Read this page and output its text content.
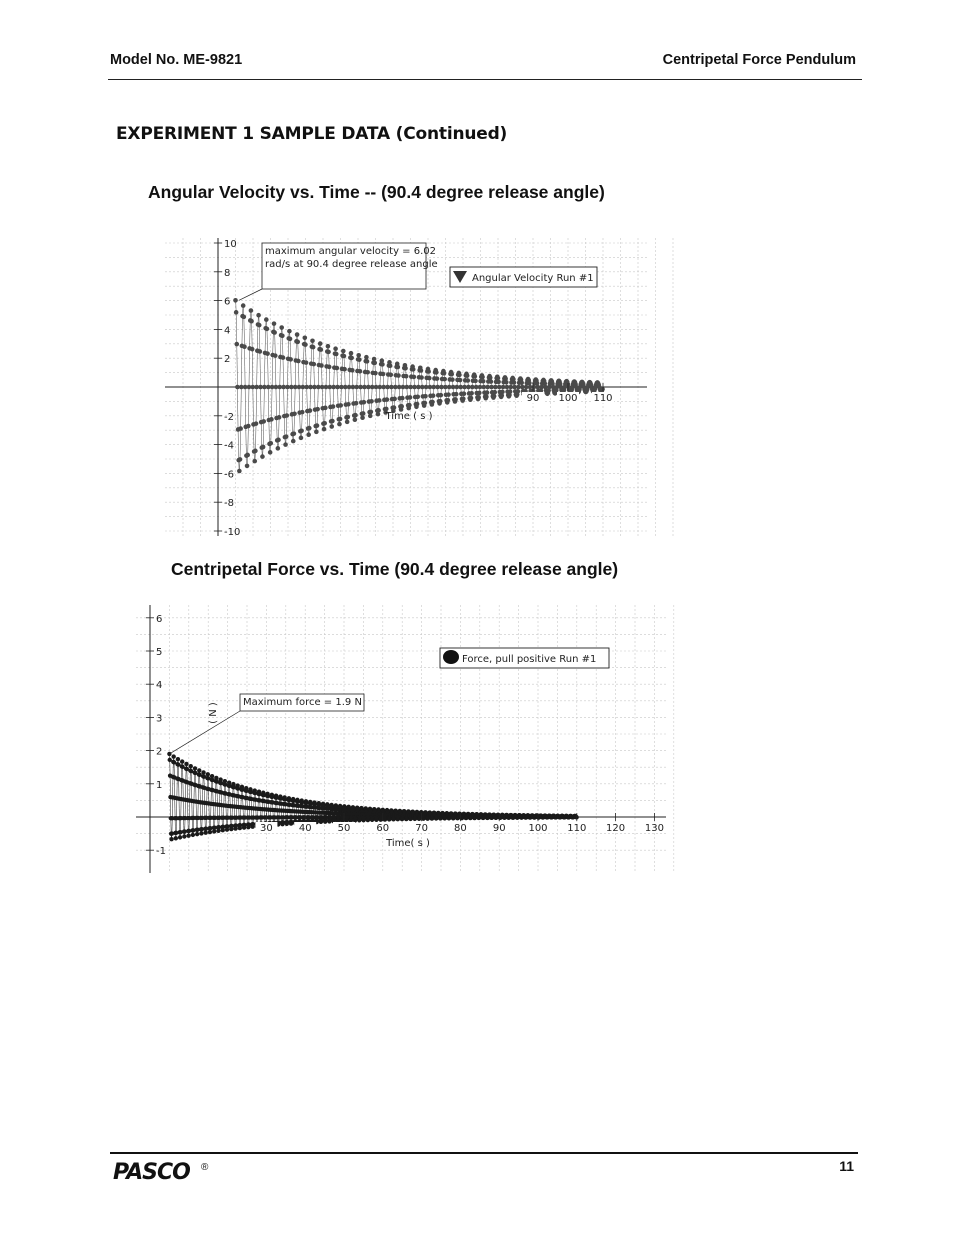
Model No. ME-9821	Centripetal Force Pendulum
EXPERIMENT 1 SAMPLE DATA (Continued)
Angular Velocity vs. Time -- (90.4 degree release angle)
10
8
6
4
2
-2
-4
-6
-8
-10
90 100 110
Time ( s )
maximum angular velocity = 6.02 rad/s at 90.4 degree release angle
Angular Velocity Run #1
Centripetal Force vs. Time (90.4 degree release angle)
6
5
4
3
2
1
-1
30	40	50	60	70	80	90 100 110 120 130
Time( s )
( N ) Maximum force = 1.9 N
Force, pull positive Run #1
PASCO ®	11
